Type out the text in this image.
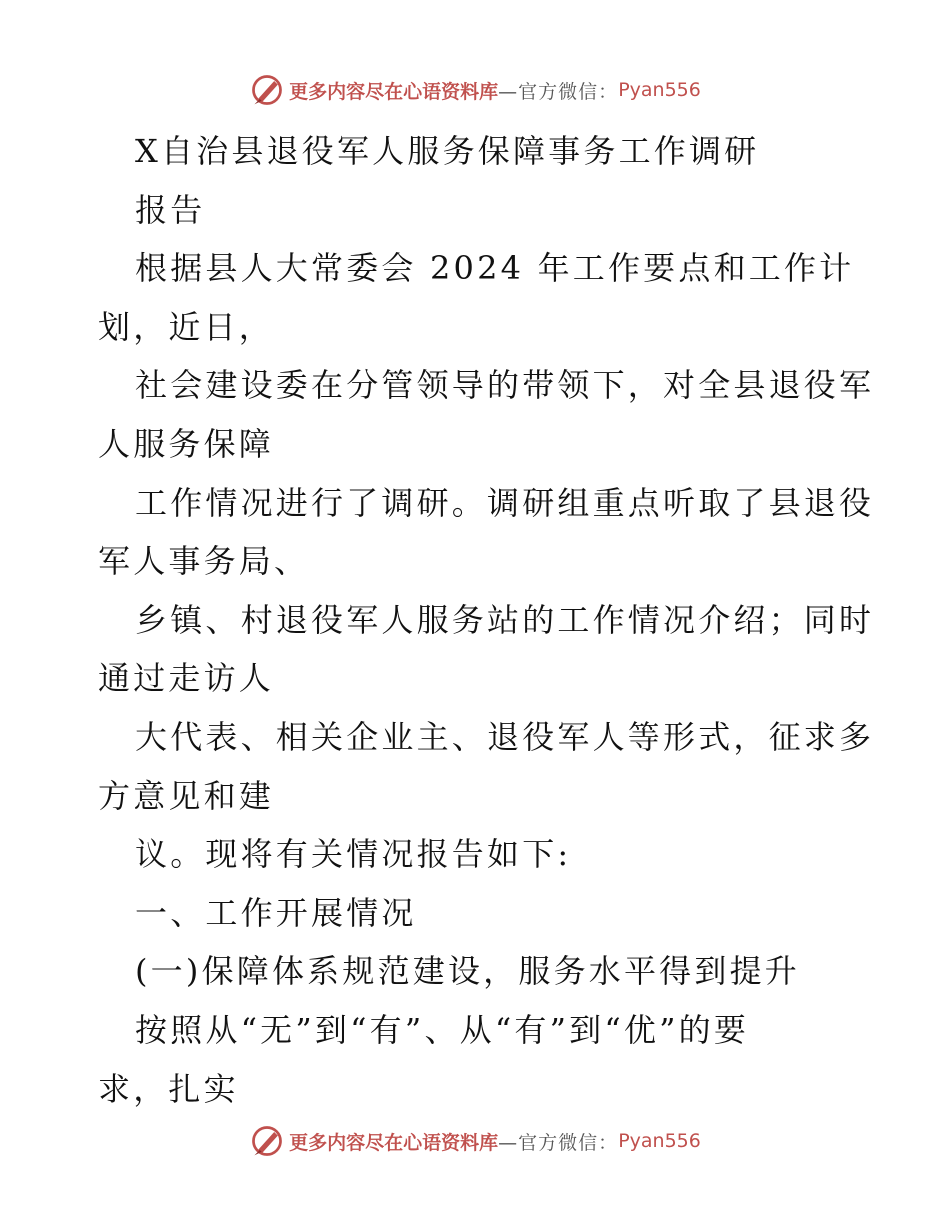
更多内容尽在心语资料库 —官方微信： Pyan556
X自治县退役军人服务保障事务工作调研
报告
根据县人大常委会 2024 年工作要点和工作计
划，近日，
社会建设委在分管领导的带领下，对全县退役军
人服务保障
工作情况进行了调研。调研组重点听取了县退役
军人事务局、
乡镇、村退役军人服务站的工作情况介绍；同时
通过走访人
大代表、相关企业主、退役军人等形式，征求多
方意见和建
议。现将有关情况报告如下:
一、工作开展情况
(一)保障体系规范建设，服务水平得到提升
按照从“无”到“有”、从“有”到“优”的要
求，扎实
更多内容尽在心语资料库 —官方微信： Pyan556
